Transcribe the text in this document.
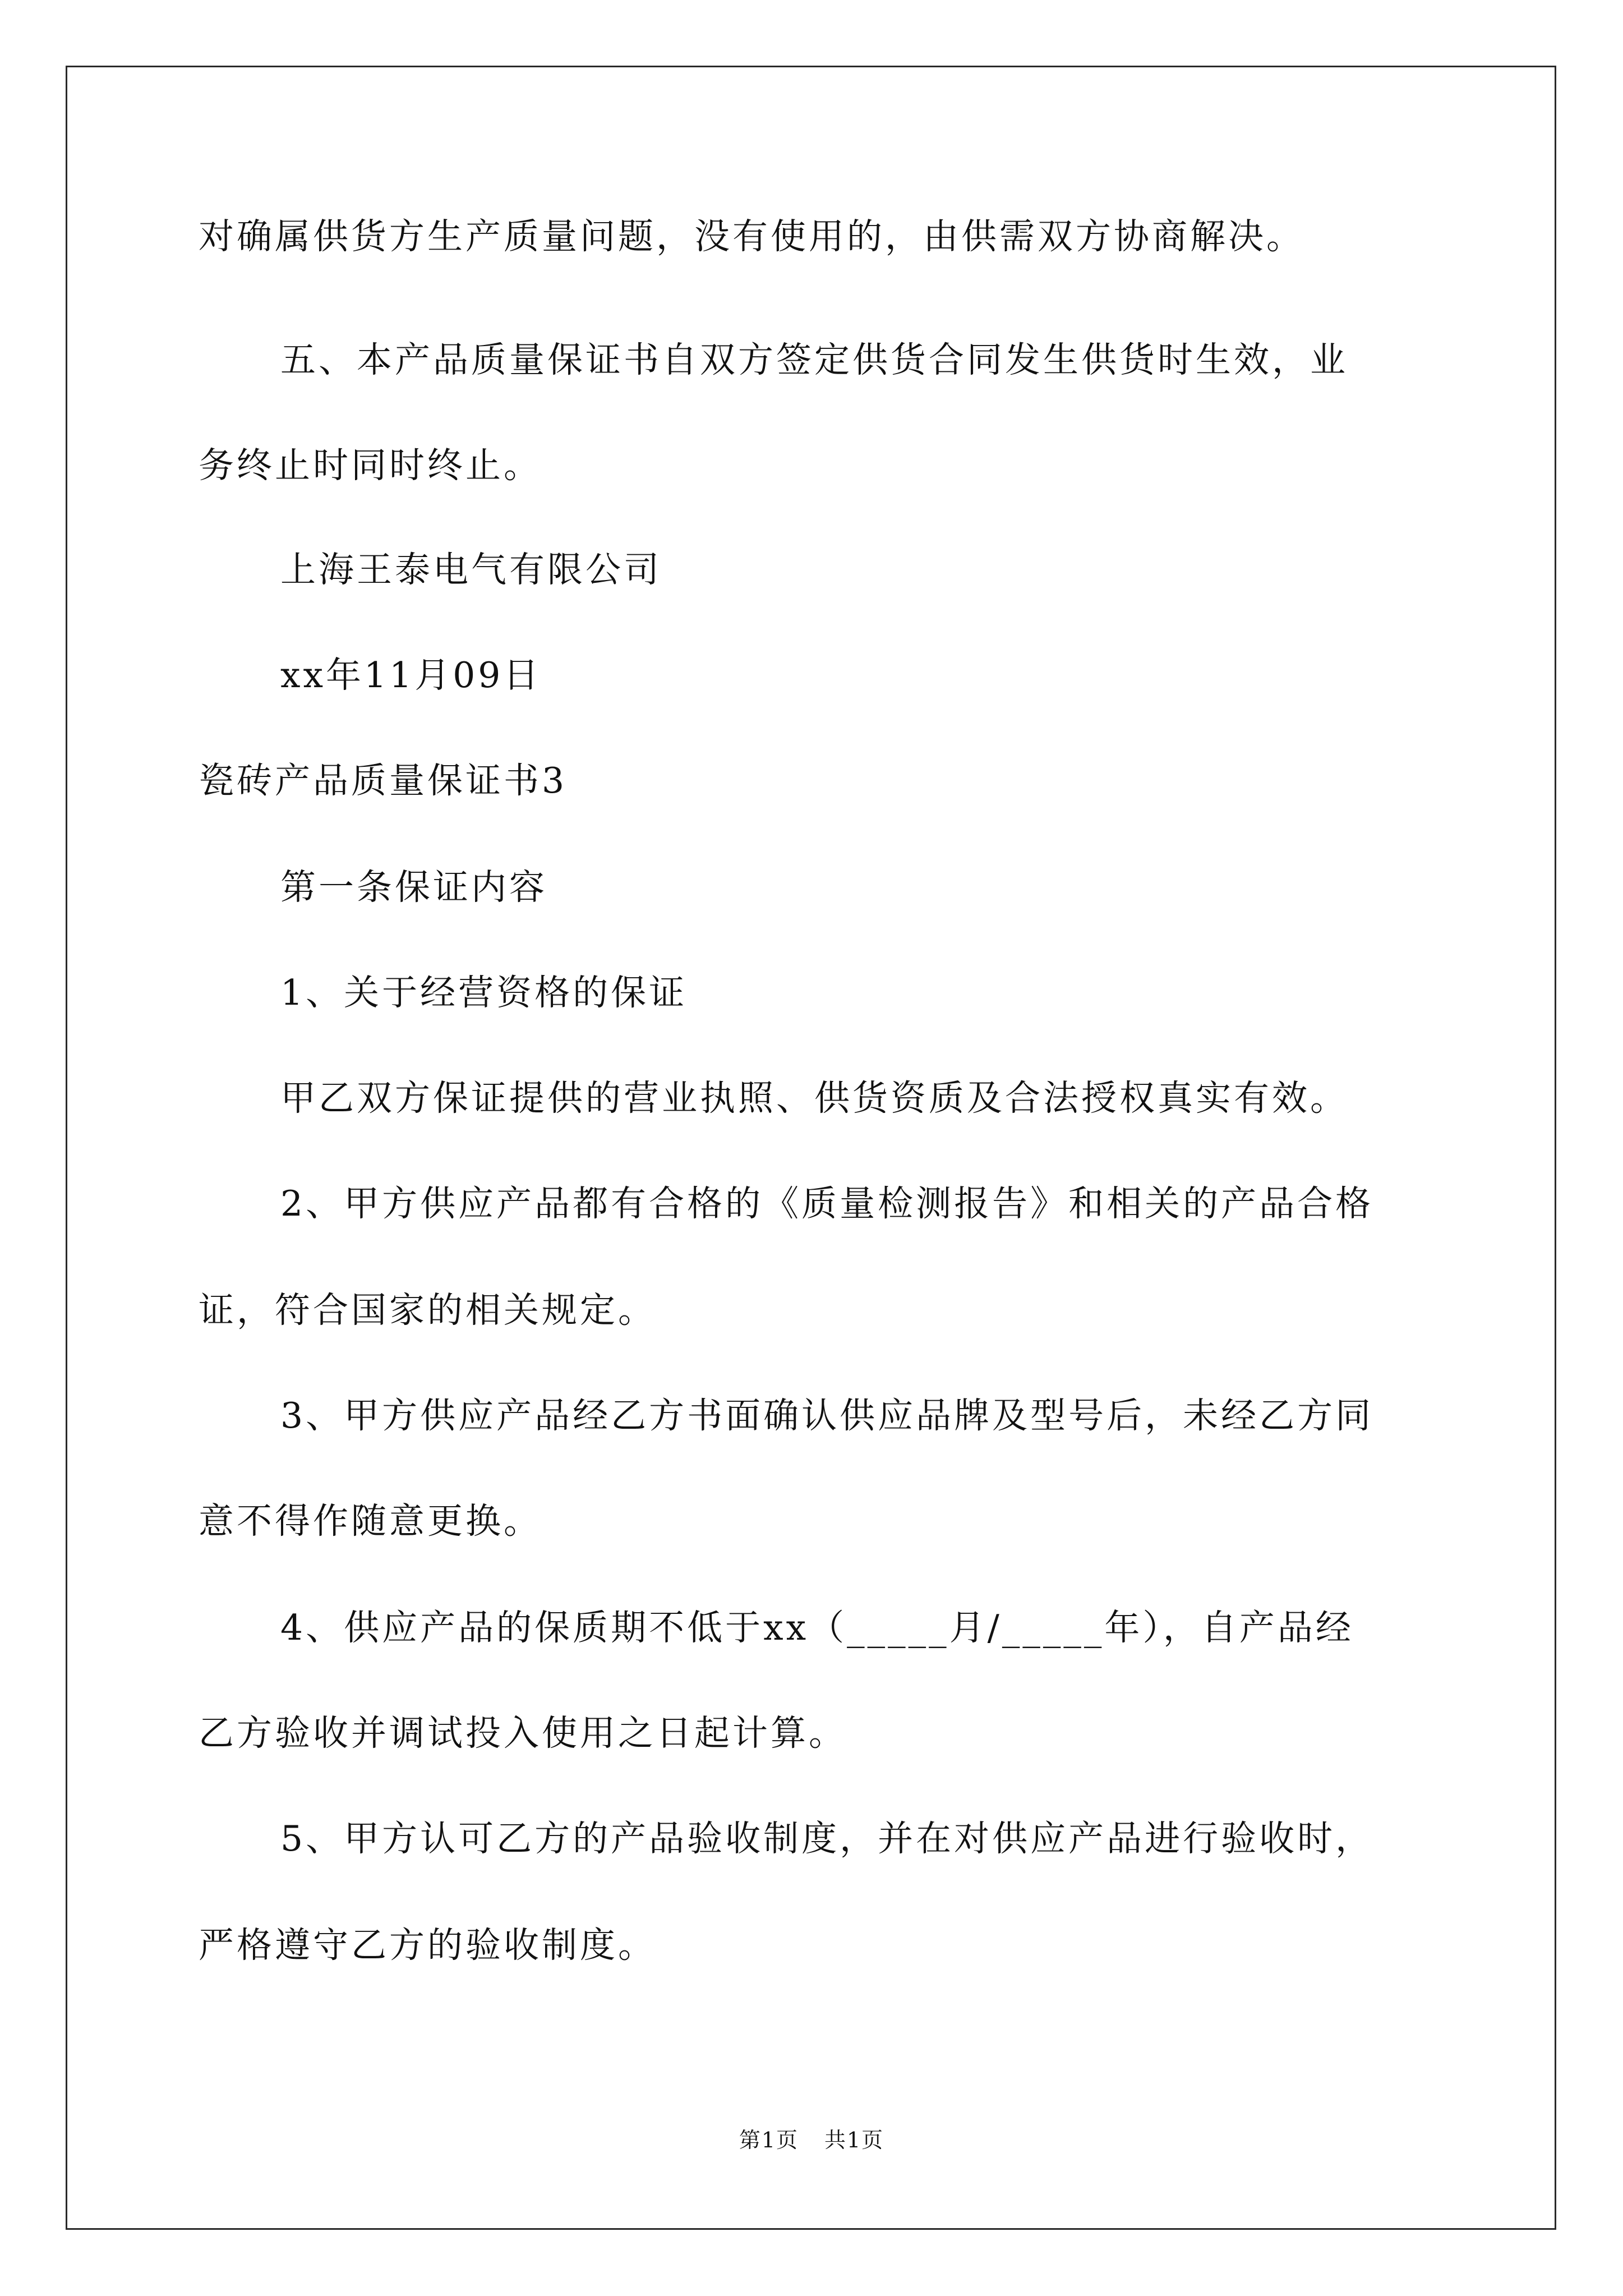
对确属供货方生产质量问题，没有使用的，由供需双方协商解决。

五、本产品质量保证书自双方签定供货合同发生供货时生效，业

务终止时同时终止。

上海王泰电气有限公司

xx年11月09日

瓷砖产品质量保证书3

第一条保证内容

1、关于经营资格的保证

甲乙双方保证提供的营业执照、供货资质及合法授权真实有效。

2、甲方供应产品都有合格的《质量检测报告》和相关的产品合格

证，符合国家的相关规定。

3、甲方供应产品经乙方书面确认供应品牌及型号后，未经乙方同

意不得作随意更换。

4、供应产品的保质期不低于xx（_____月/_____年），自产品经

乙方验收并调试投入使用之日起计算。

5、甲方认可乙方的产品验收制度，并在对供应产品进行验收时，

严格遵守乙方的验收制度。

第1页 共1页
